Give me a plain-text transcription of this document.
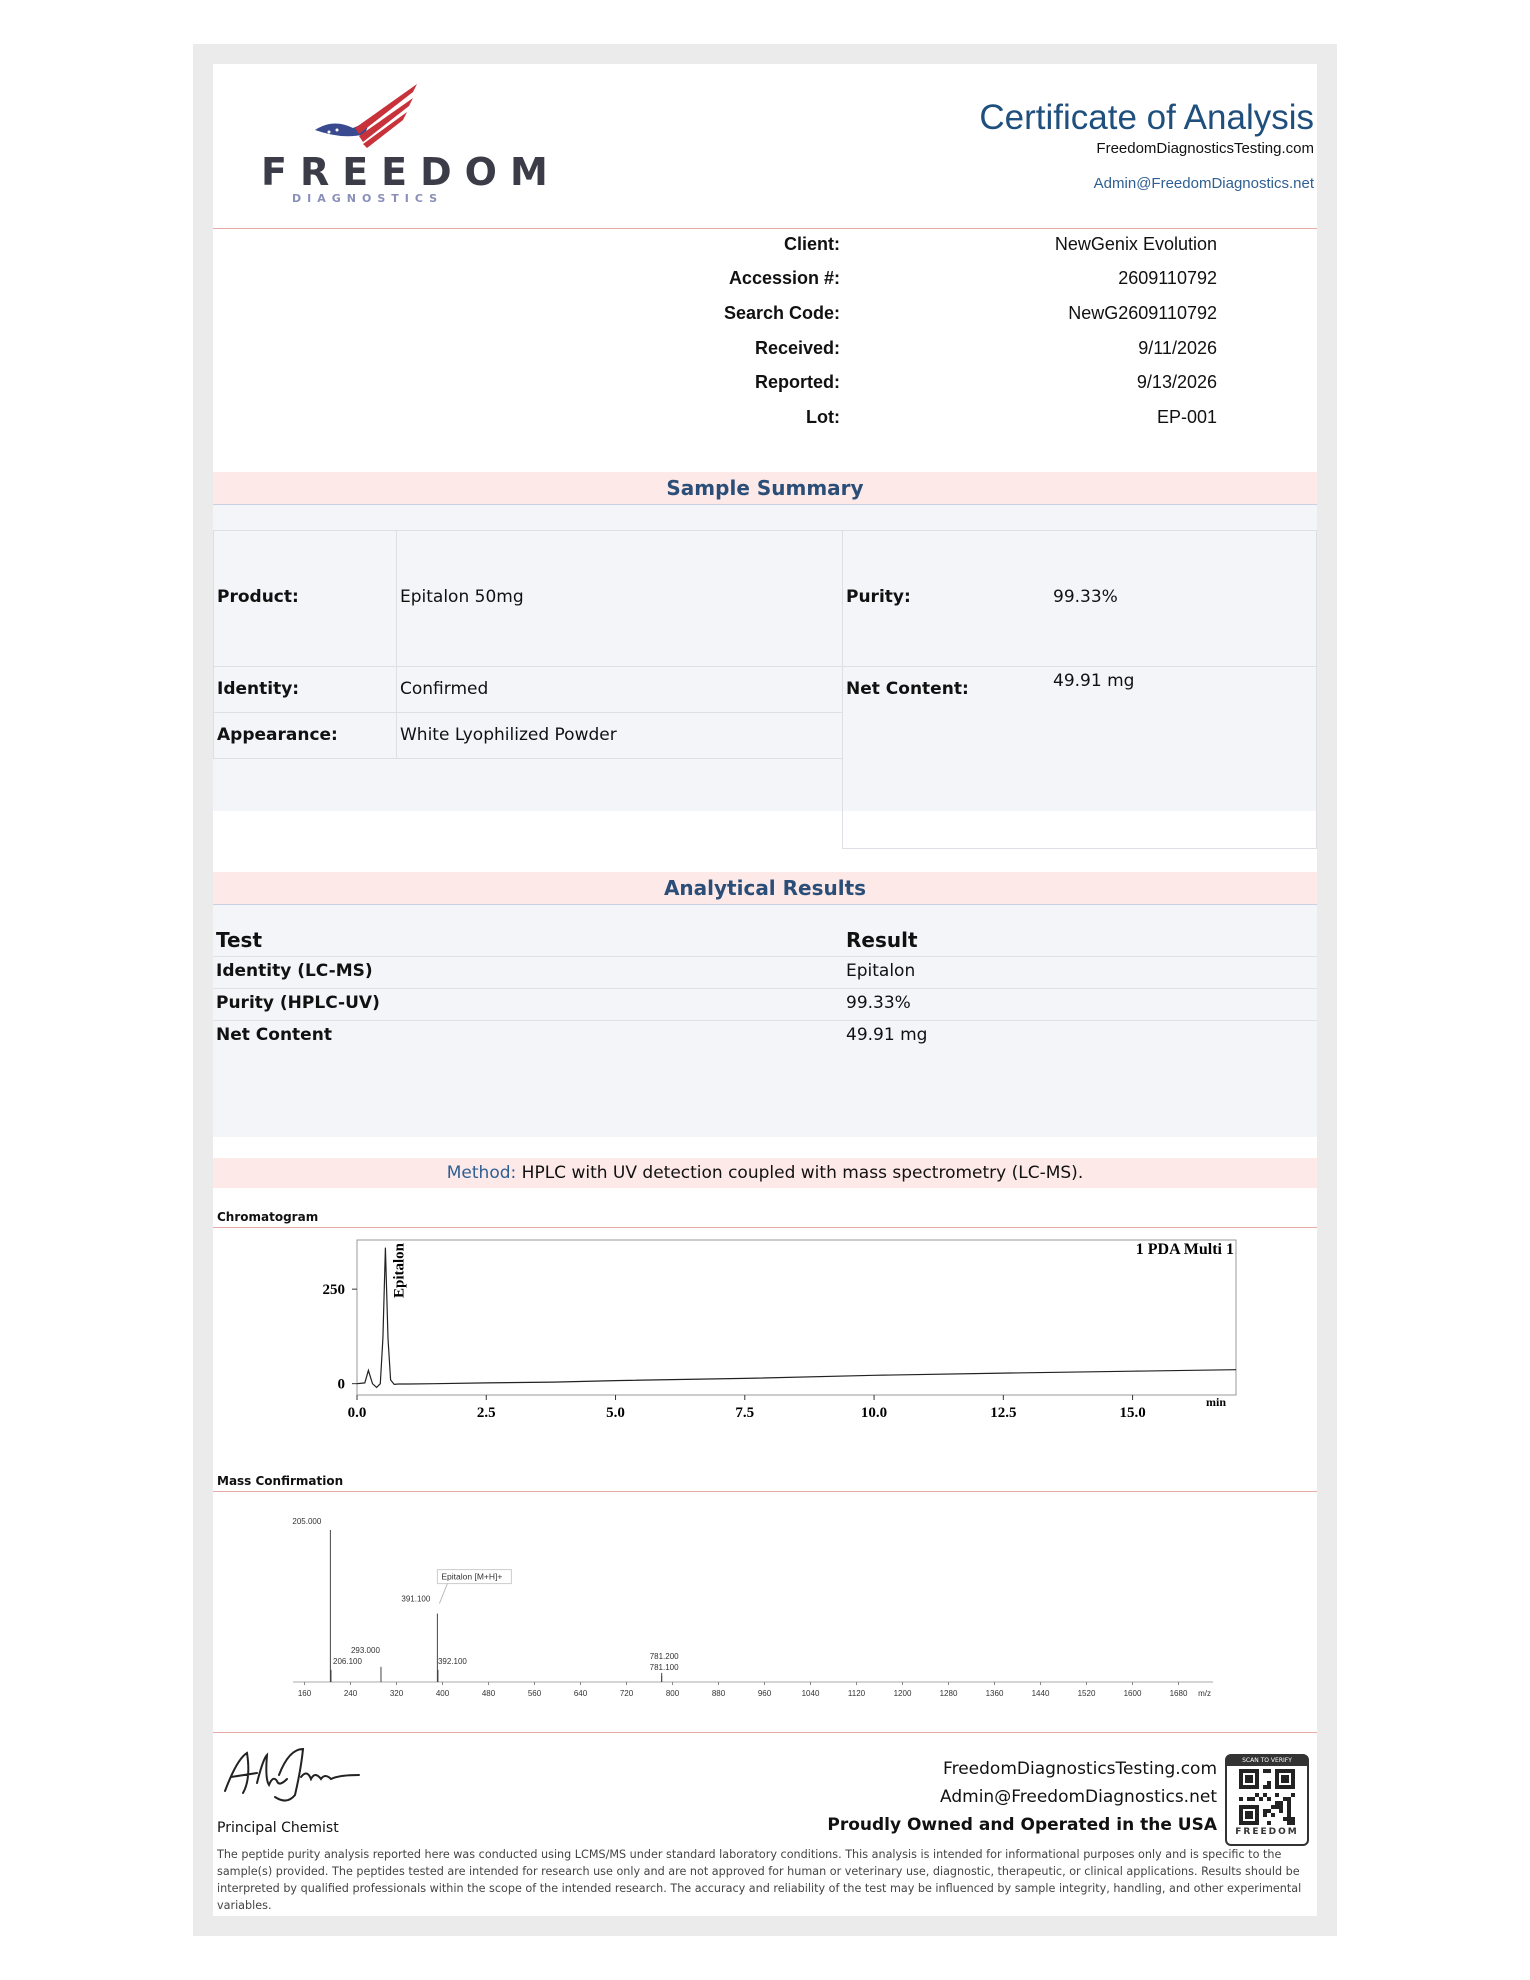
FREEDOM
DIAGNOSTICS
Certificate of Analysis
FreedomDiagnosticsTesting.com
Admin@FreedomDiagnostics.net
Client:	NewGenix Evolution
Accession #:	2609110792
Search Code:	NewG2609110792
Received:	9/11/2026
Reported:	9/13/2026
Lot:	EP-001
Sample Summary
Product:	Epitalon 50mg
Identity:	Confirmed
Appearance:	White Lyophilized Powder
Purity:	99.33%
Net Content:	49.91 mg
Analytical Results
Test	Result
Identity (LC-MS)	Epitalon
Purity (HPLC-UV)	99.33%
Net Content	49.91 mg
Method: HPLC with UV detection coupled with mass spectrometry (LC-MS).
Chromatogram
0.0	2.5	5.0	7.5	10.0	12.5	15.0
0
250
min
1 PDA Multi 1
Epitalon
Mass Confirmation
160	240	320	400	480	560	640	720	800	880	960	1040	1120	1200	1280	1360	1440	1520	1600	1680 m/z
205.000
206.100
293.000
391.100
392.100
781.200
781.100
Epitalon [M+H]+
Principal Chemist
FreedomDiagnosticsTesting.com
Admin@FreedomDiagnostics.net
Proudly Owned and Operated in the USA
SCAN TO VERIFY
FREEDOM
The peptide purity analysis reported here was conducted using LCMS/MS under standard laboratory conditions. This analysis is intended for informational purposes only and is specific to the sample(s) provided. The peptides tested are intended for research use only and are not approved for human or veterinary use, diagnostic, therapeutic, or clinical applications. Results should be interpreted by qualified professionals within the scope of the intended research. The accuracy and reliability of the test may be influenced by sample integrity, handling, and other experimental variables.
